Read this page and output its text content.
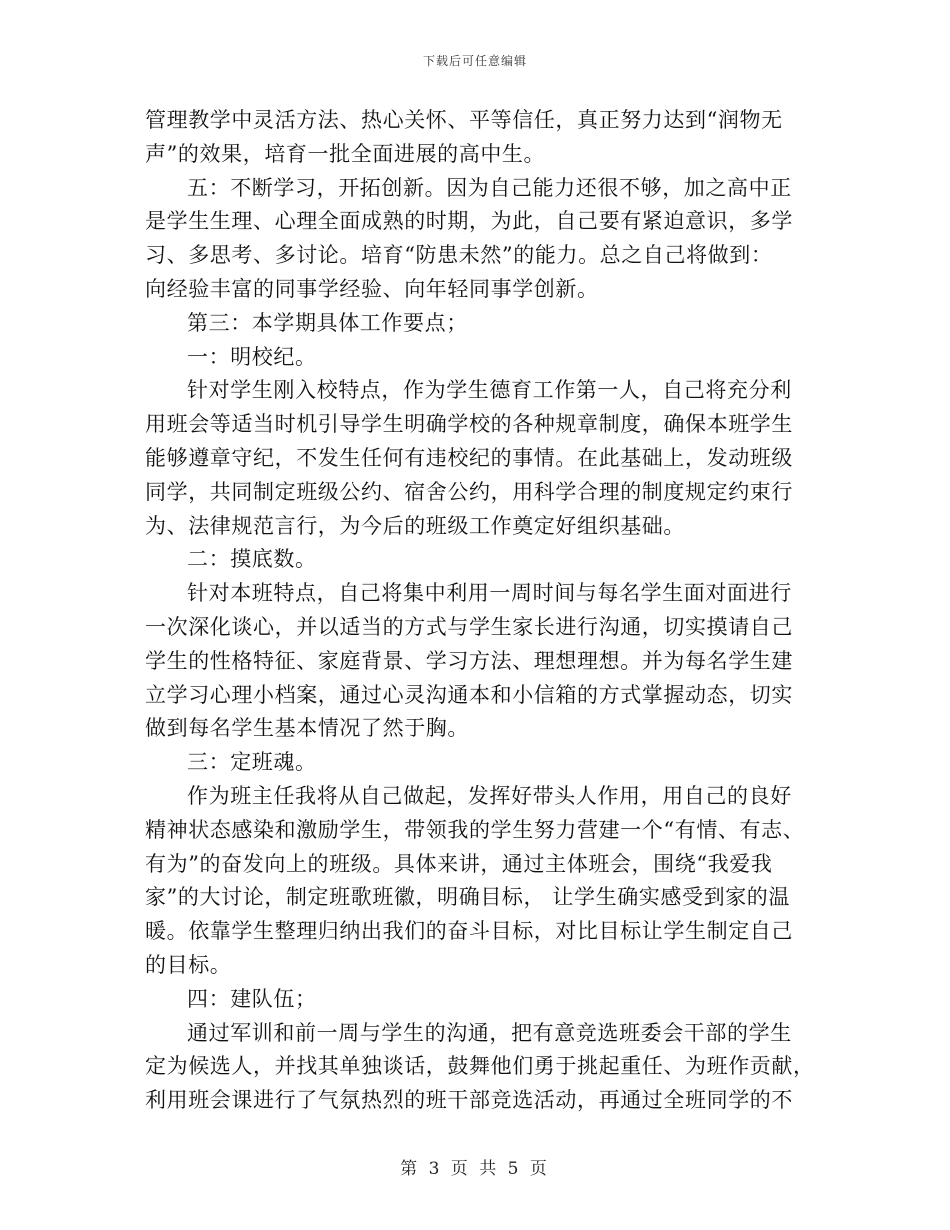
下载后可任意编辑
管理教学中灵活方法、热心关怀、平等信任，真正努力达到“润物无
声”的效果，培育一批全面进展的高中生。
五：不断学习，开拓创新。因为自己能力还很不够，加之高中正
是学生生理、心理全面成熟的时期，为此，自己要有紧迫意识，多学
习、多思考、多讨论。培育“防患未然”的能力。总之自己将做到：
向经验丰富的同事学经验、向年轻同事学创新。
第三：本学期具体工作要点；
一：明校纪。
针对学生刚入校特点，作为学生德育工作第一人，自己将充分利
用班会等适当时机引导学生明确学校的各种规章制度，确保本班学生
能够遵章守纪，不发生任何有违校纪的事情。在此基础上，发动班级
同学，共同制定班级公约、宿舍公约，用科学合理的制度规定约束行
为、法律规范言行，为今后的班级工作奠定好组织基础。
二：摸底数。
针对本班特点，自己将集中利用一周时间与每名学生面对面进行
一次深化谈心，并以适当的方式与学生家长进行沟通，切实摸请自己
学生的性格特征、家庭背景、学习方法、理想理想。并为每名学生建
立学习心理小档案，通过心灵沟通本和小信箱的方式掌握动态，切实
做到每名学生基本情况了然于胸。
三：定班魂。
作为班主任我将从自己做起，发挥好带头人作用，用自己的良好
精神状态感染和激励学生，带领我的学生努力营建一个“有情、有志、
有为”的奋发向上的班级。具体来讲，通过主体班会，围绕“我爱我
家”的大讨论，制定班歌班徽，明确目标， 让学生确实感受到家的温
暖。依靠学生整理归纳出我们的奋斗目标，对比目标让学生制定自己
的目标。
四：建队伍；
通过军训和前一周与学生的沟通，把有意竞选班委会干部的学生
定为候选人，并找其单独谈话，鼓舞他们勇于挑起重任、为班作贡献，
利用班会课进行了气氛热烈的班干部竞选活动，再通过全班同学的不
第 3 页 共 5 页
